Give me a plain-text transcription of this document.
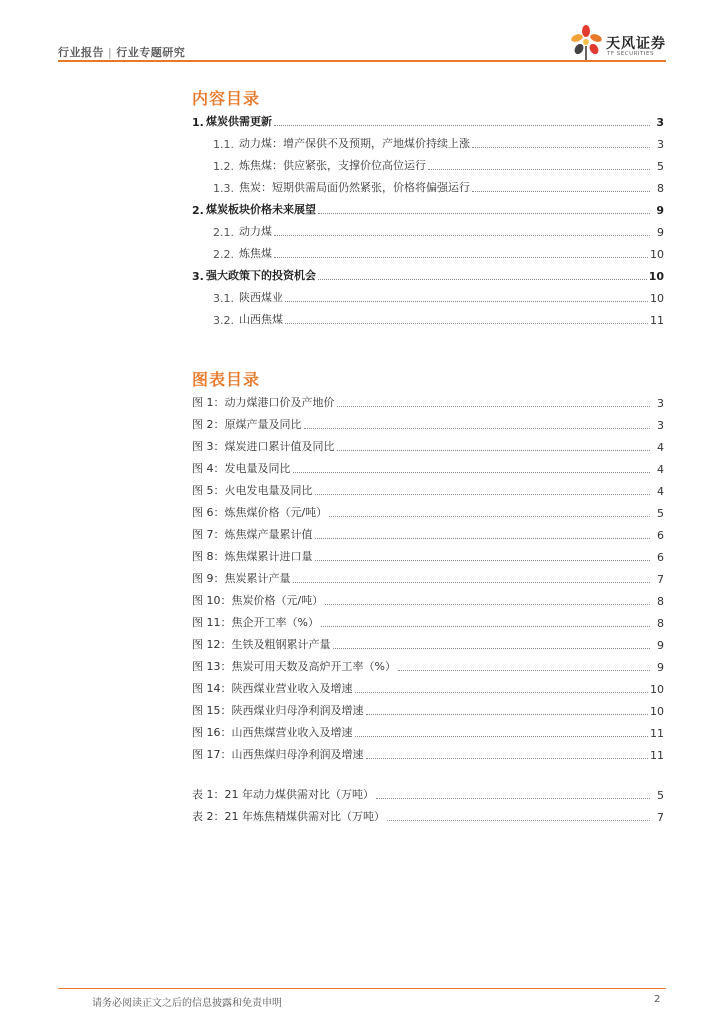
行业报告 | 行业专题研究
天风证券
TF SECURITIES
内容目录
1. 煤炭供需更新	3
1.1. 动力煤：增产保供不及预期，产地煤价持续上涨	3
1.2. 炼焦煤：供应紧张，支撑价位高位运行	5
1.3. 焦炭：短期供需局面仍然紧张，价格将偏强运行	8
2. 煤炭板块价格未来展望	9
2.1. 动力煤	9
2.2. 炼焦煤	10
3. 强大政策下的投资机会	10
3.1. 陕西煤业	10
3.2. 山西焦煤	11
图表目录
图 1：动力煤港口价及产地价	3
图 2：原煤产量及同比	3
图 3：煤炭进口累计值及同比	4
图 4：发电量及同比	4
图 5：火电发电量及同比	4
图 6：炼焦煤价格（元/吨）	5
图 7：炼焦煤产量累计值	6
图 8：炼焦煤累计进口量	6
图 9：焦炭累计产量	7
图 10：焦炭价格（元/吨）	8
图 11：焦企开工率（%）	8
图 12：生铁及粗钢累计产量	9
图 13：焦炭可用天数及高炉开工率（%）	9
图 14：陕西煤业营业收入及增速	10
图 15：陕西煤业归母净利润及增速	10
图 16：山西焦煤营业收入及增速	11
图 17：山西焦煤归母净利润及增速	11
表 1：21 年动力煤供需对比（万吨）	5
表 2：21 年炼焦精煤供需对比（万吨）	7
请务必阅读正文之后的信息披露和免责申明	2
